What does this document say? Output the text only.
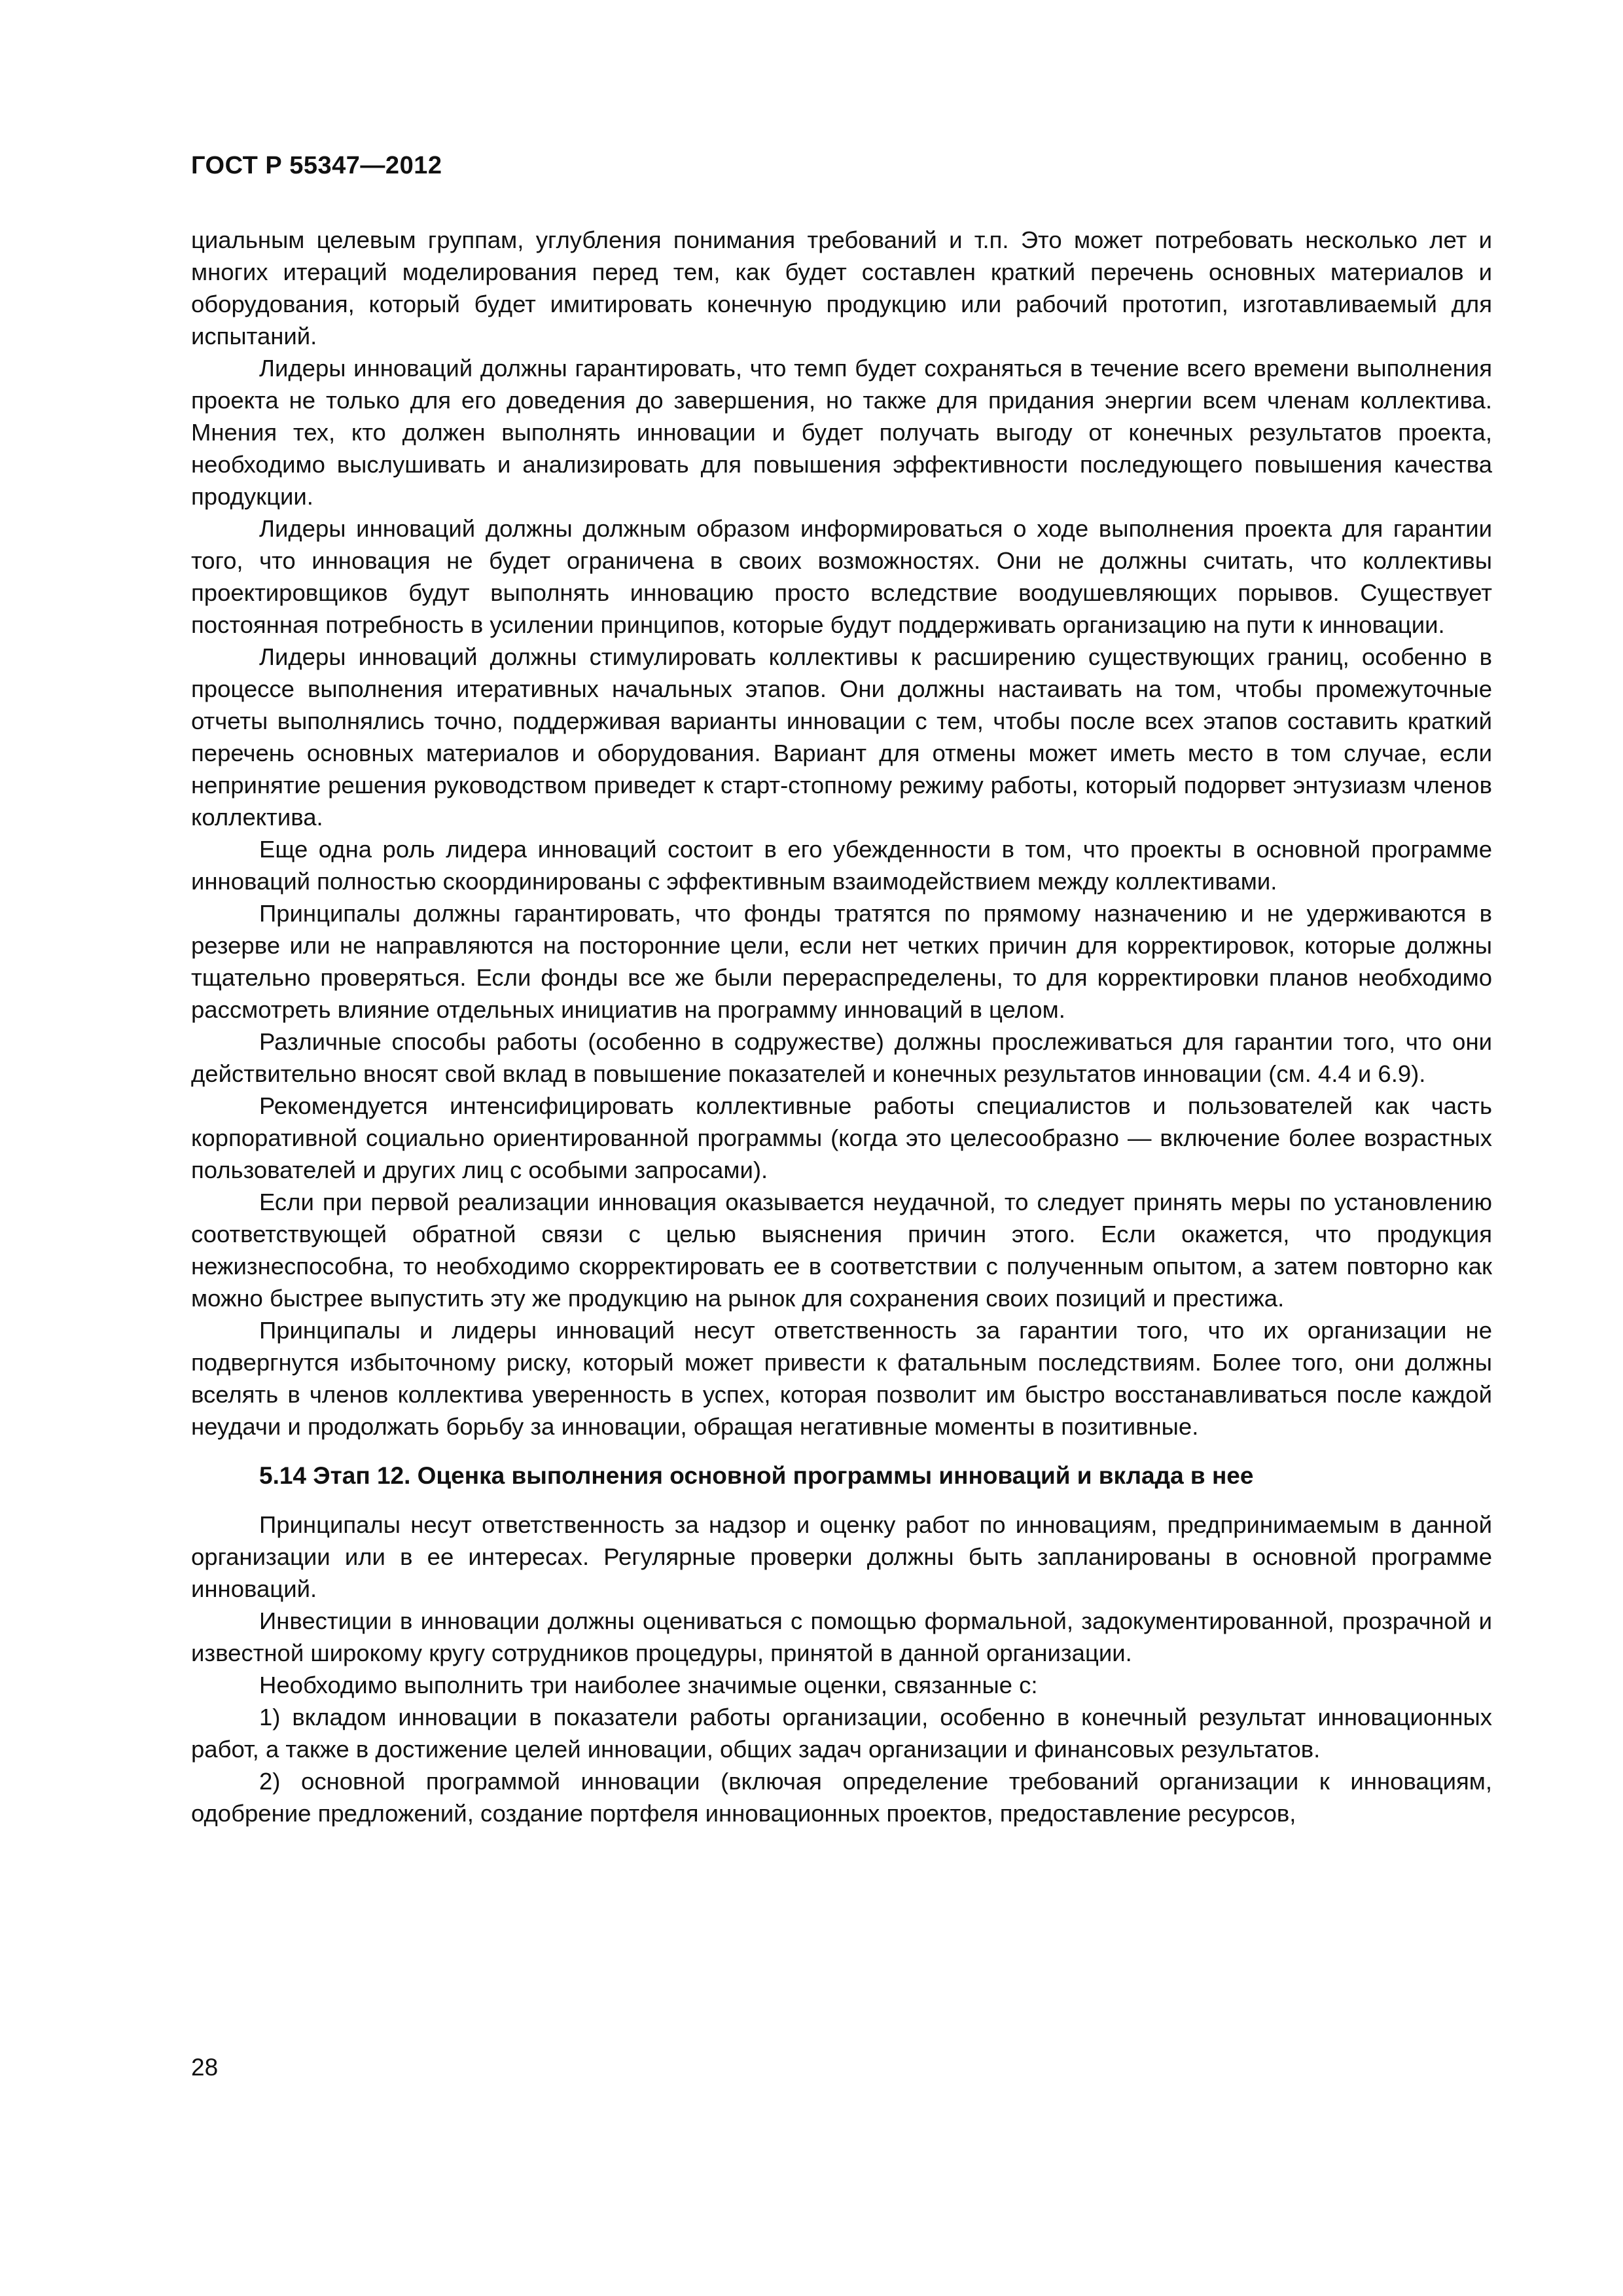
ГОСТ Р 55347—2012

циальным целевым группам, углубления понимания требований и т.п. Это может потребовать несколько лет и многих итераций моделирования перед тем, как будет составлен краткий перечень основных материалов и оборудования, который будет имитировать конечную продукцию или рабочий прототип, изготавливаемый для испытаний.

Лидеры инноваций должны гарантировать, что темп будет сохраняться в течение всего времени выполнения проекта не только для его доведения до завершения, но также для придания энергии всем членам коллектива. Мнения тех, кто должен выполнять инновации и будет получать выгоду от конечных результатов проекта, необходимо выслушивать и анализировать для повышения эффективности последующего повышения качества продукции.

Лидеры инноваций должны должным образом информироваться о ходе выполнения проекта для гарантии того, что инновация не будет ограничена в своих возможностях. Они не должны считать, что коллективы проектировщиков будут выполнять инновацию просто вследствие воодушевляющих порывов. Существует постоянная потребность в усилении принципов, которые будут поддерживать организацию на пути к инновации.

Лидеры инноваций должны стимулировать коллективы к расширению существующих границ, особенно в процессе выполнения итеративных начальных этапов. Они должны настаивать на том, чтобы промежуточные отчеты выполнялись точно, поддерживая варианты инновации с тем, чтобы после всех этапов составить краткий перечень основных материалов и оборудования. Вариант для отмены может иметь место в том случае, если непринятие решения руководством приведет к старт-стопному режиму работы, который подорвет энтузиазм членов коллектива.

Еще одна роль лидера инноваций состоит в его убежденности в том, что проекты в основной программе инноваций полностью скоординированы с эффективным взаимодействием между коллективами.

Принципалы должны гарантировать, что фонды тратятся по прямому назначению и не удерживаются в резерве или не направляются на посторонние цели, если нет четких причин для корректировок, которые должны тщательно проверяться. Если фонды все же были перераспределены, то для корректировки планов необходимо рассмотреть влияние отдельных инициатив на программу инноваций в целом.

Различные способы работы (особенно в содружестве) должны прослеживаться для гарантии того, что они действительно вносят свой вклад в повышение показателей и конечных результатов инновации (см. 4.4 и 6.9).

Рекомендуется интенсифицировать коллективные работы специалистов и пользователей как часть корпоративной социально ориентированной программы (когда это целесообразно — включение более возрастных пользователей и других лиц с особыми запросами).

Если при первой реализации инновация оказывается неудачной, то следует принять меры по установлению соответствующей обратной связи с целью выяснения причин этого. Если окажется, что продукция нежизнеспособна, то необходимо скорректировать ее в соответствии с полученным опытом, а затем повторно как можно быстрее выпустить эту же продукцию на рынок для сохранения своих позиций и престижа.

Принципалы и лидеры инноваций несут ответственность за гарантии того, что их организации не подвергнутся избыточному риску, который может привести к фатальным последствиям. Более того, они должны вселять в членов коллектива уверенность в успех, которая позволит им быстро восстанавливаться после каждой неудачи и продолжать борьбу за инновации, обращая негативные моменты в позитивные.

5.14 Этап 12. Оценка выполнения основной программы инноваций и вклада в нее

Принципалы несут ответственность за надзор и оценку работ по инновациям, предпринимаемым в данной организации или в ее интересах. Регулярные проверки должны быть запланированы в основной программе инноваций.

Инвестиции в инновации должны оцениваться с помощью формальной, задокументированной, прозрачной и известной широкому кругу сотрудников процедуры, принятой в данной организации.

Необходимо выполнить три наиболее значимые оценки, связанные с:

1) вкладом инновации в показатели работы организации, особенно в конечный результат инновационных работ, а также в достижение целей инновации, общих задач организации и финансовых результатов.

2) основной программой инновации (включая определение требований организации к инновациям, одобрение предложений, создание портфеля инновационных проектов, предоставление ресурсов,

28
